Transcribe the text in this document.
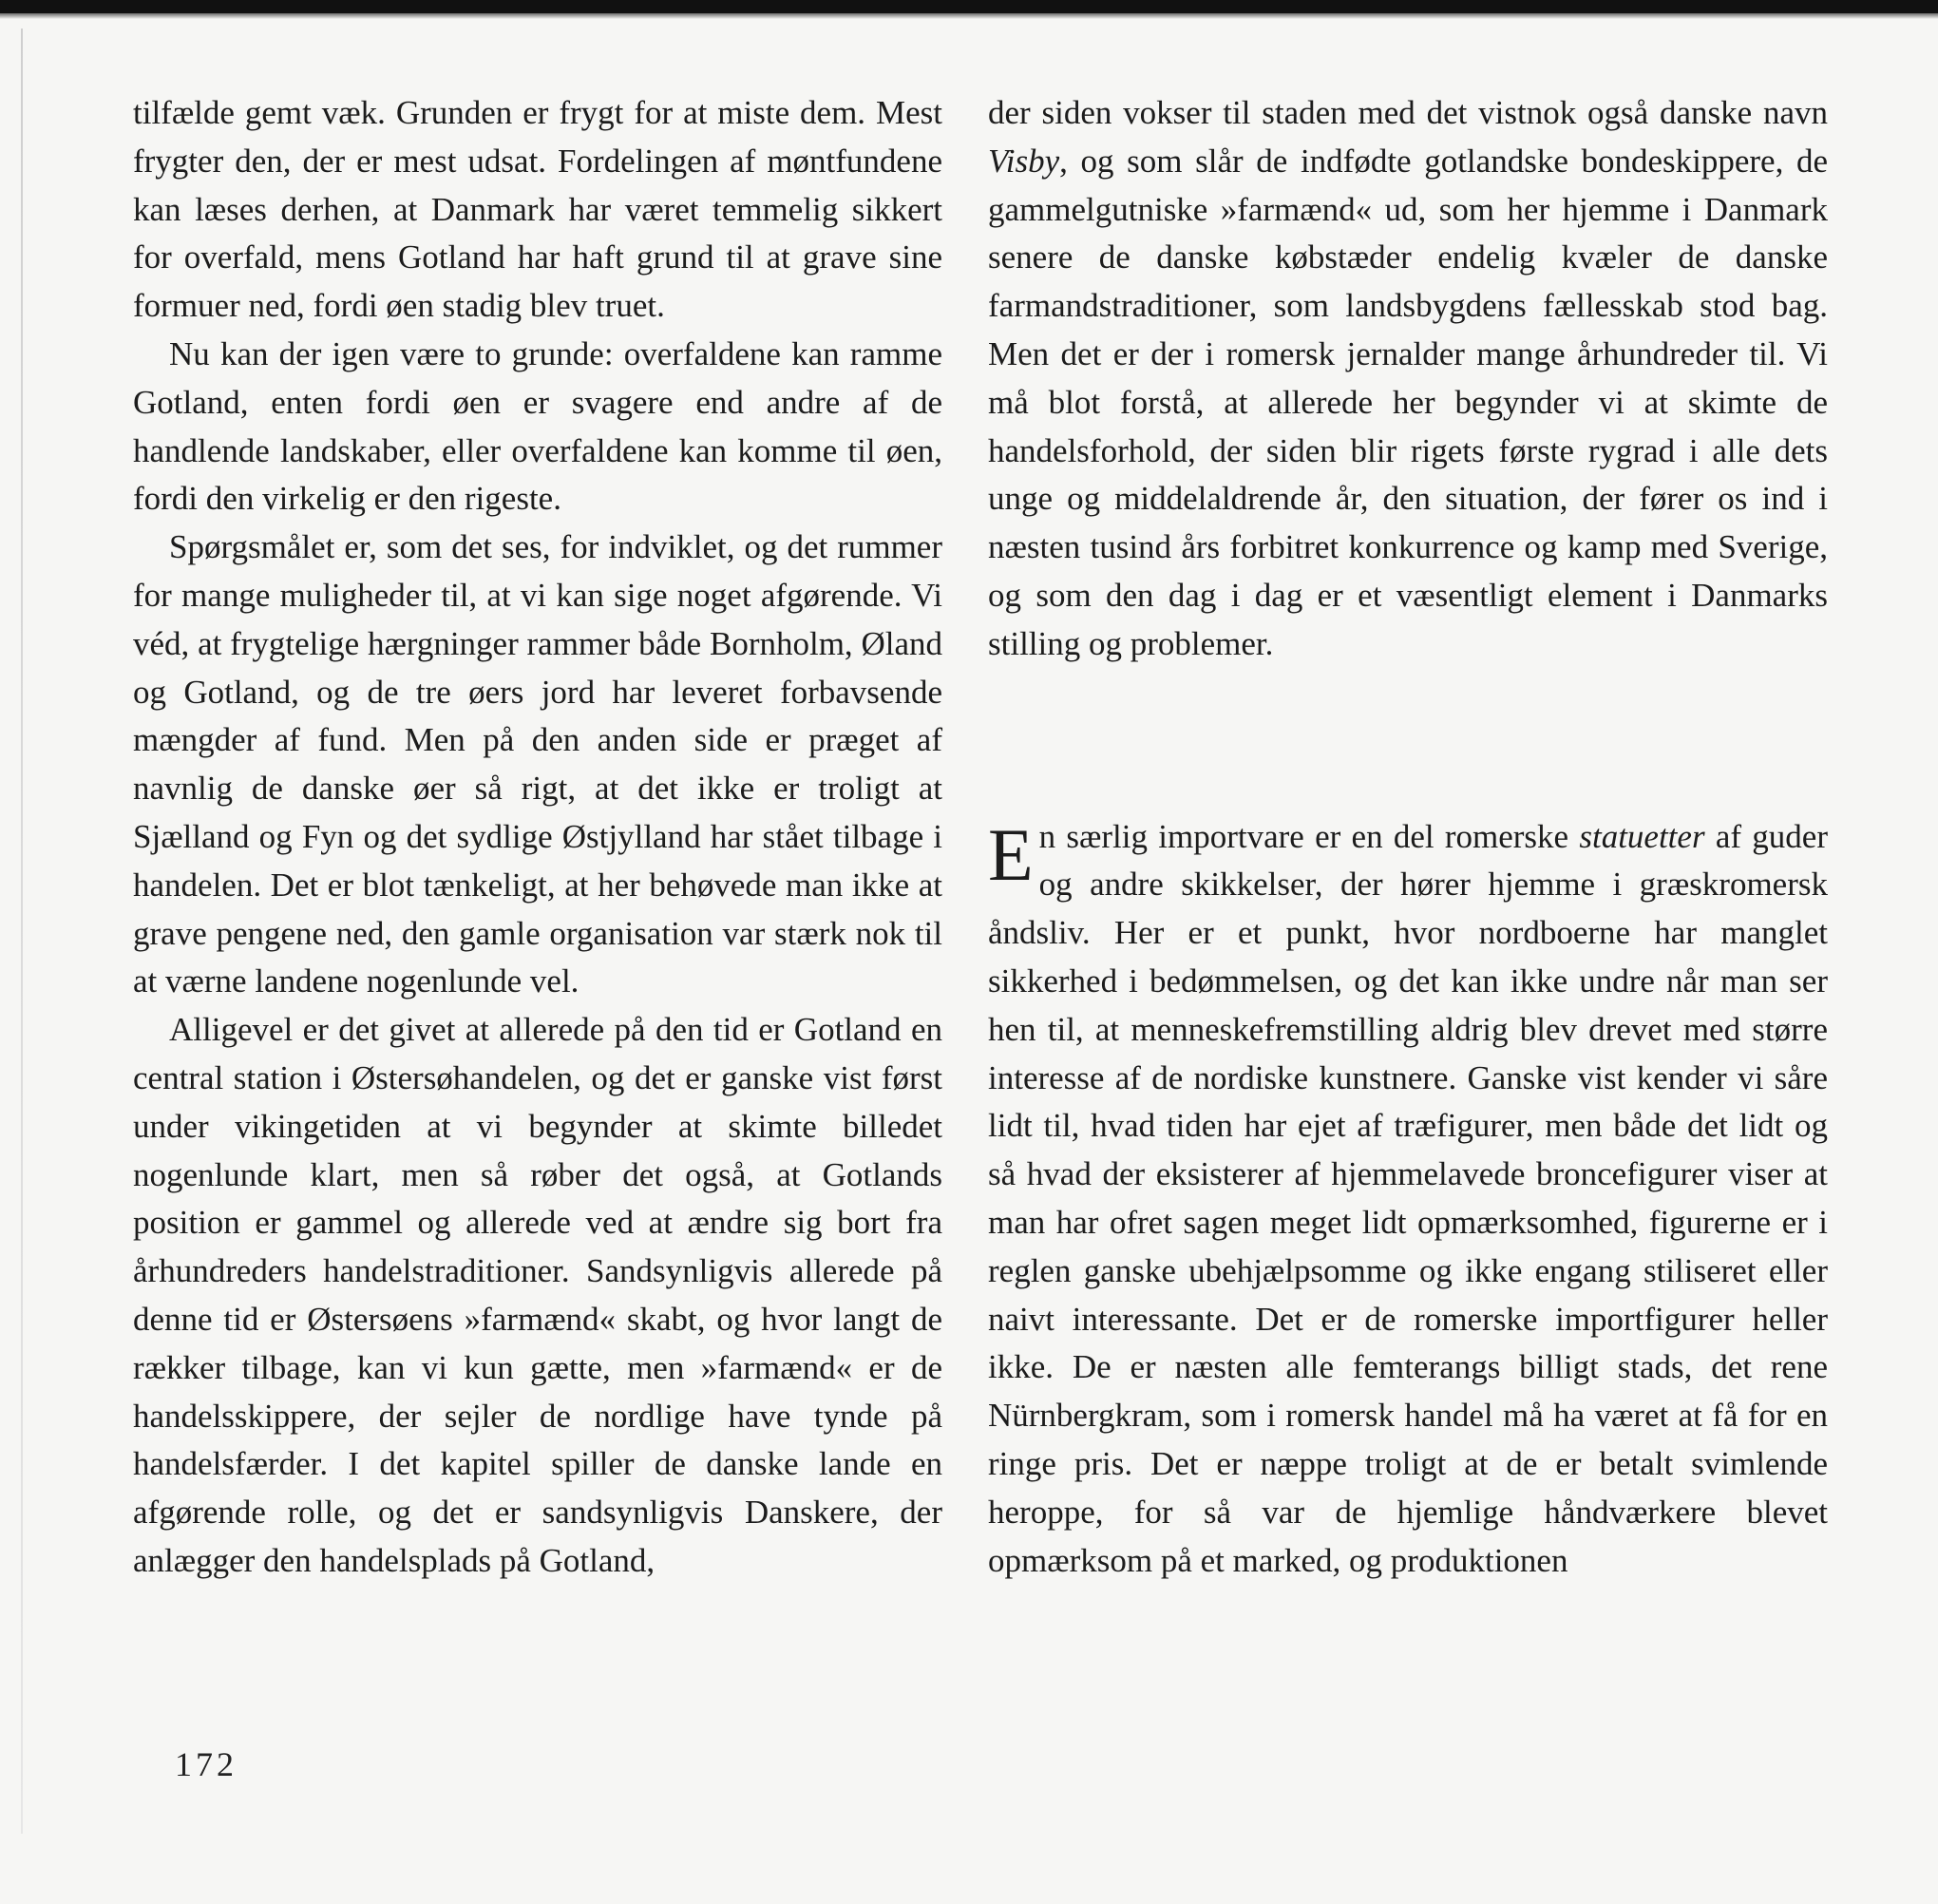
tilfælde gemt væk. Grunden er frygt for at miste dem. Mest frygter den, der er mest udsat. Fordelingen af møntfundene kan læses derhen, at Danmark har været temmelig sikkert for overfald, mens Gotland har haft grund til at grave sine formuer ned, fordi øen stadig blev truet.

Nu kan der igen være to grunde: overfaldene kan ramme Gotland, enten fordi øen er svagere end andre af de handlende landskaber, eller overfaldene kan komme til øen, fordi den virkelig er den rigeste.

Spørgsmålet er, som det ses, for indviklet, og det rummer for mange muligheder til, at vi kan sige noget afgørende. Vi véd, at frygtelige hærgninger rammer både Bornholm, Øland og Gotland, og de tre øers jord har leveret forbavsende mængder af fund. Men på den anden side er præget af navnlig de danske øer så rigt, at det ikke er troligt at Sjælland og Fyn og det sydlige Østjylland har stået tilbage i handelen. Det er blot tænkeligt, at her behøvede man ikke at grave pengene ned, den gamle organisation var stærk nok til at værne landene nogenlunde vel.

Alligevel er det givet at allerede på den tid er Gotland en central station i Østersøhandelen, og det er ganske vist først under vikingetiden at vi begynder at skimte billedet nogenlunde klart, men så røber det også, at Gotlands position er gammel og allerede ved at ændre sig bort fra århundreders handelstraditioner. Sandsynligvis allerede på denne tid er Østersøens »farmænd« skabt, og hvor langt de rækker tilbage, kan vi kun gætte, men »farmænd« er de handelsskippere, der sejler de nordlige have tynde på handelsfærder. I det kapitel spiller de danske lande en afgørende rolle, og det er sandsynligvis Danskere, der anlægger den handelsplads på Gotland,

der siden vokser til staden med det vistnok også danske navn Visby, og som slår de indfødte gotlandske bondeskippere, de gammelgutniske »farmænd« ud, som her hjemme i Danmark senere de danske købstæder endelig kvæler de danske farmandstraditioner, som landsbygdens fællesskab stod bag. Men det er der i romersk jernalder mange århundreder til. Vi må blot forstå, at allerede her begynder vi at skimte de handelsforhold, der siden blir rigets første rygrad i alle dets unge og middelaldrende år, den situation, der fører os ind i næsten tusind års forbitret konkurrence og kamp med Sverige, og som den dag i dag er et væsentligt element i Danmarks stilling og problemer.

En særlig importvare er en del romerske statuetter af guder og andre skikkelser, der hører hjemme i græskromersk åndsliv. Her er et punkt, hvor nordboerne har manglet sikkerhed i bedømmelsen, og det kan ikke undre når man ser hen til, at menneskefremstilling aldrig blev drevet med større interesse af de nordiske kunstnere. Ganske vist kender vi såre lidt til, hvad tiden har ejet af træfigurer, men både det lidt og så hvad der eksisterer af hjemmelavede broncefigurer viser at man har ofret sagen meget lidt opmærksomhed, figurerne er i reglen ganske ubehjælpsomme og ikke engang stiliseret eller naivt interessante. Det er de romerske importfigurer heller ikke. De er næsten alle femterangs billigt stads, det rene Nürnbergkram, som i romersk handel må ha været at få for en ringe pris. Det er næppe troligt at de er betalt svimlende heroppe, for så var de hjemlige håndværkere blevet opmærksom på et marked, og produktionen

172
